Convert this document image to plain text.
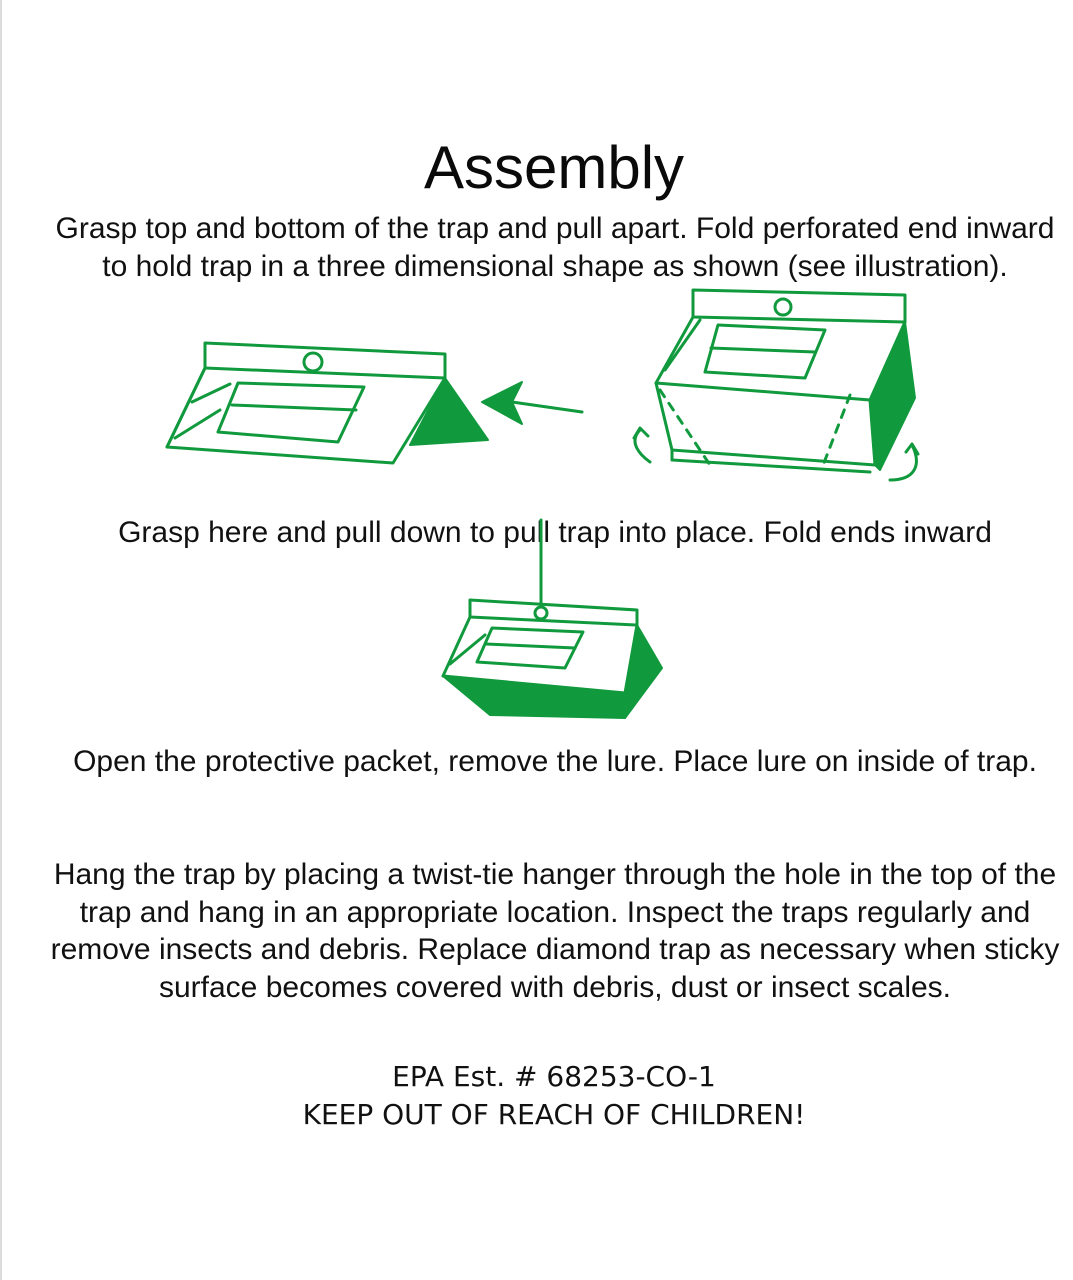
Assembly
Grasp top and bottom of the trap and pull apart. Fold perforated end inward to hold trap in a three dimensional shape as shown (see illustration).
Grasp here and pull down to pull trap into place. Fold ends inward
Open the protective packet, remove the lure. Place lure on inside of trap.
Hang the trap by placing a twist-tie hanger through the hole in the top of the trap and hang in an appropriate location. Inspect the traps regularly and remove insects and debris. Replace diamond trap as necessary when sticky surface becomes covered with debris, dust or insect scales.
EPA Est. # 68253-CO-1
KEEP OUT OF REACH OF CHILDREN!
